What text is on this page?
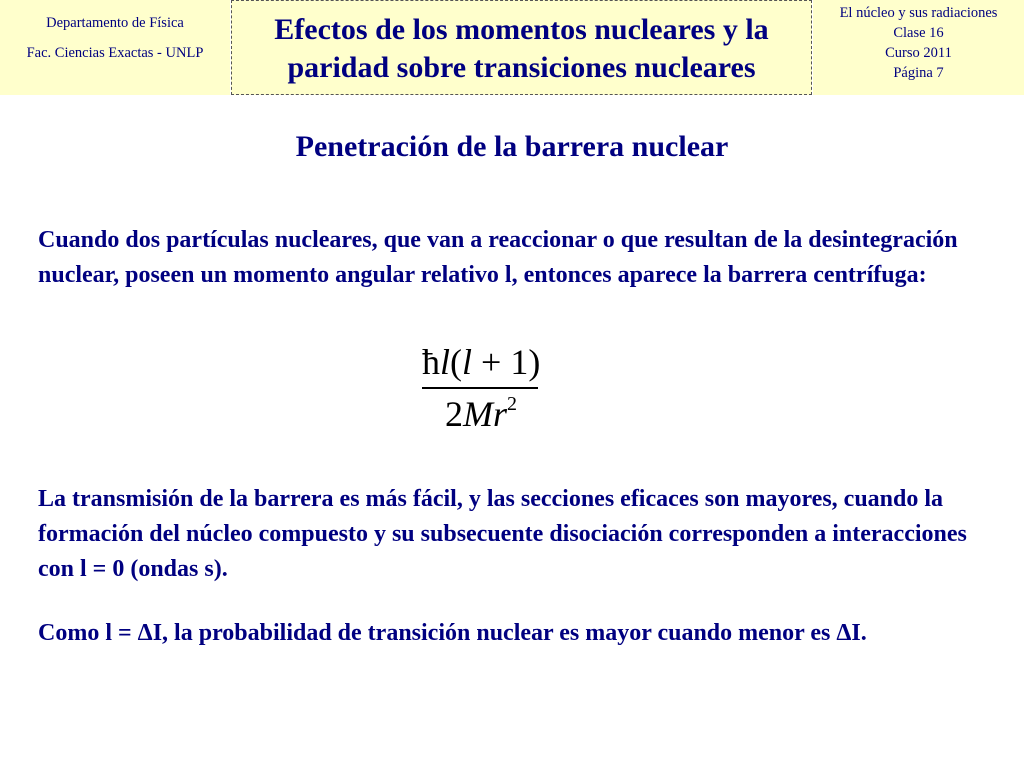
Departamento de Física
Fac. Ciencias Exactas - UNLP
Efectos de los momentos nucleares y la
paridad sobre transiciones nucleares
El núcleo y sus radiaciones
Clase 16
Curso 2011
Página 7
Penetración de la barrera nuclear

Cuando dos partículas nucleares, que van a reaccionar o que resultan de la desintegración nuclear, poseen un momento angular relativo l, entonces aparece la barrera centrífuga:

ħl(l + 1)
2Mr$^2$

La transmisión de la barrera es más fácil, y las secciones eficaces son mayores, cuando la formación del núcleo compuesto y su subsecuente disociación corresponden a interacciones con l = 0 (ondas s).

Como l = ΔI, la probabilidad de transición nuclear es mayor cuando menor es ΔI.
